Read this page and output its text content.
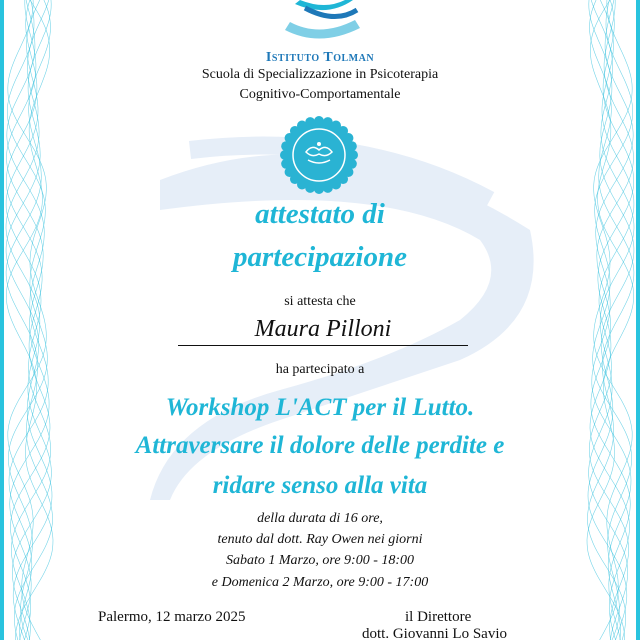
Istituto Tolman
Scuola di Specializzazione in Psicoterapia
Cognitivo-Comportamentale
attestato di
partecipazione
si attesta che
Maura Pilloni
ha partecipato a
Workshop L'ACT per il Lutto.
Attraversare il dolore delle perdite e
ridare senso alla vita
della durata di 16 ore,
tenuto dal dott. Ray Owen nei giorni
Sabato 1 Marzo, ore 9:00 - 18:00
e Domenica 2 Marzo, ore 9:00 - 17:00
Palermo, 12 marzo 2025	il Direttore
dott. Giovanni Lo Savio
